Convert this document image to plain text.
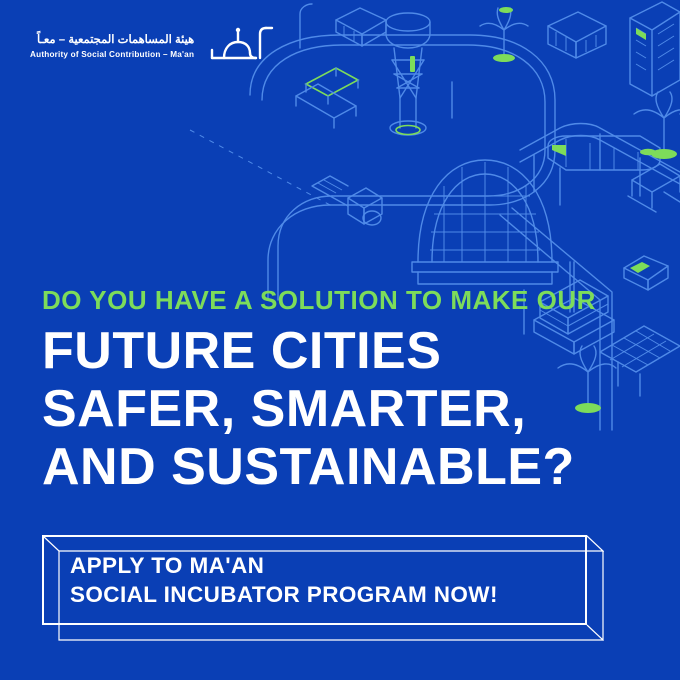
هيئة المساهمات المجتمعية – معـاً
Authority of Social Contribution – Ma'an
DO YOU HAVE A SOLUTION TO MAKE OUR
FUTURE CITIES
SAFER, SMARTER,
AND SUSTAINABLE?
APPLY TO MA'AN
SOCIAL INCUBATOR PROGRAM NOW!
